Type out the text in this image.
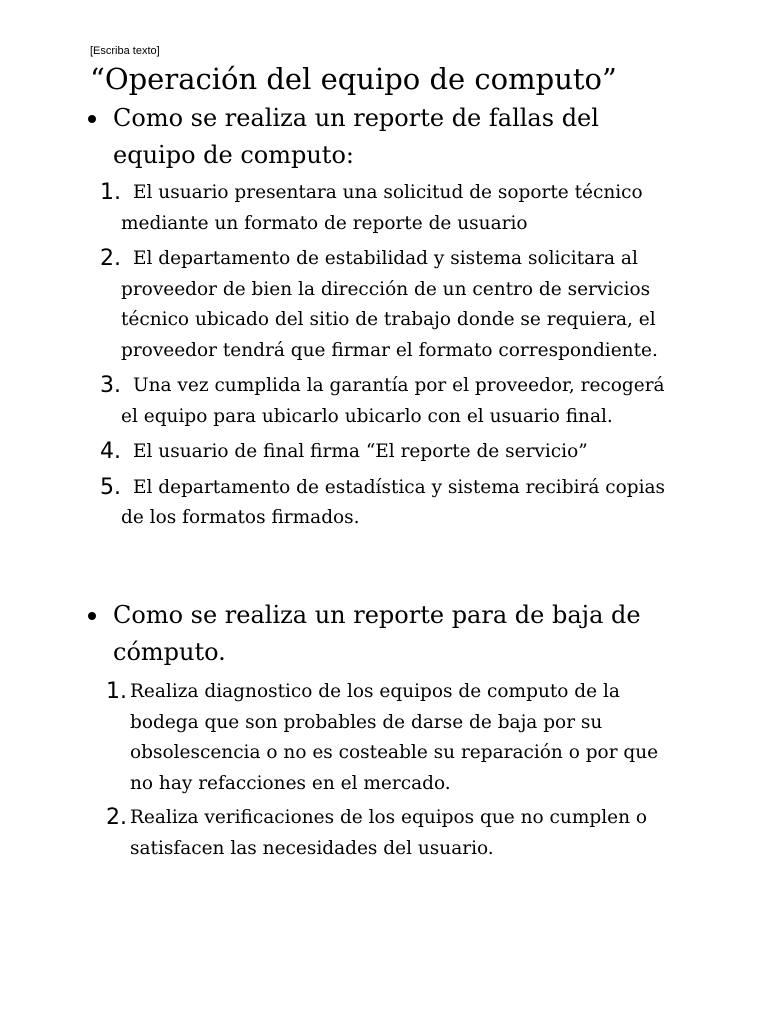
[Escriba texto]
“Operación del equipo de computo”

Como se realiza un reporte de fallas del equipo de computo:

1. El usuario presentara una solicitud de soporte técnico mediante un formato de reporte de usuario
2. El departamento de estabilidad y sistema solicitara al proveedor de bien la dirección de un centro de servicios técnico ubicado del sitio de trabajo donde se requiera, el proveedor tendrá que firmar el formato correspondiente.
3. Una vez cumplida la garantía por el proveedor, recogerá el equipo para ubicarlo ubicarlo con el usuario final.
4. El usuario de final firma “El reporte de servicio”
5. El departamento de estadística y sistema recibirá copias de los formatos firmados.

Como se realiza un reporte para de baja de cómputo.

1. Realiza diagnostico de los equipos de computo de la bodega que son probables de darse de baja por su obsolescencia o no es costeable su reparación o por que no hay refacciones en el mercado.
2. Realiza verificaciones de los equipos que no cumplen o satisfacen las necesidades del usuario.
